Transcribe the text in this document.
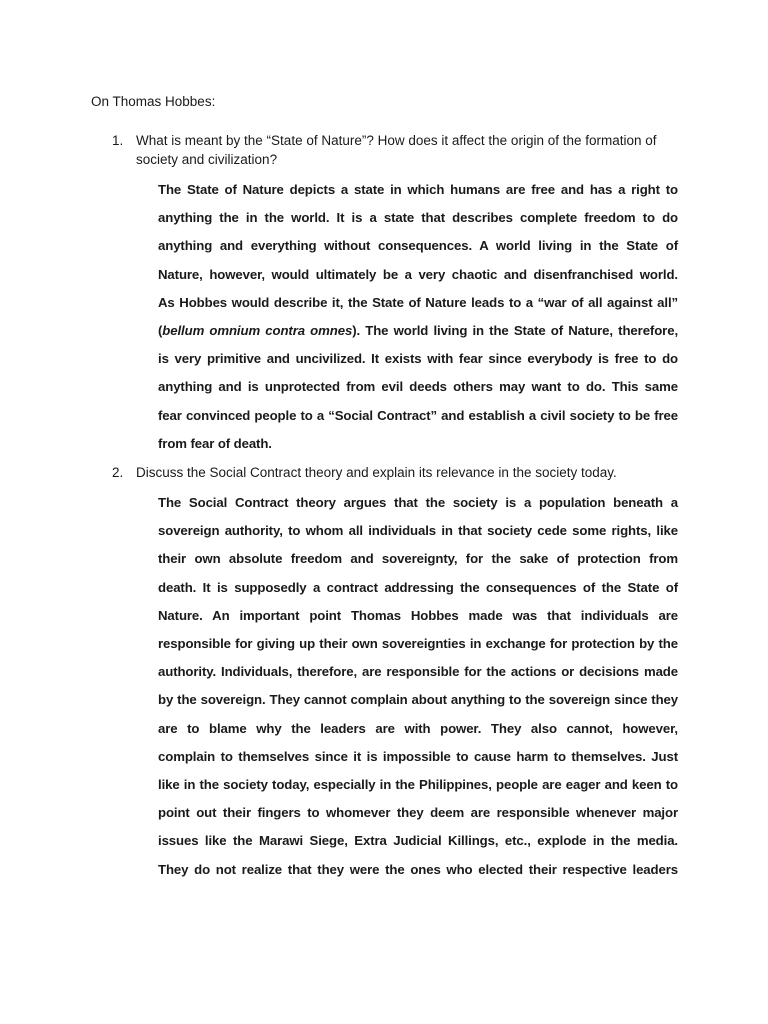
On Thomas Hobbes:
1. What is meant by the “State of Nature”? How does it affect the origin of the formation of society and civilization?
The State of Nature depicts a state in which humans are free and has a right to
anything the in the world. It is a state that describes complete freedom to do
anything and everything without consequences. A world living in the State of
Nature, however, would ultimately be a very chaotic and disenfranchised world.
As Hobbes would describe it, the State of Nature leads to a “war of all against all”
(bellum omnium contra omnes). The world living in the State of Nature, therefore,
is very primitive and uncivilized. It exists with fear since everybody is free to do
anything and is unprotected from evil deeds others may want to do. This same
fear convinced people to a “Social Contract” and establish a civil society to be free
from fear of death.
2. Discuss the Social Contract theory and explain its relevance in the society today.
The Social Contract theory argues that the society is a population beneath a
sovereign authority, to whom all individuals in that society cede some rights, like
their own absolute freedom and sovereignty, for the sake of protection from
death. It is supposedly a contract addressing the consequences of the State of
Nature. An important point Thomas Hobbes made was that individuals are
responsible for giving up their own sovereignties in exchange for protection by the
authority. Individuals, therefore, are responsible for the actions or decisions made
by the sovereign. They cannot complain about anything to the sovereign since they
are to blame why the leaders are with power. They also cannot, however,
complain to themselves since it is impossible to cause harm to themselves. Just
like in the society today, especially in the Philippines, people are eager and keen to
point out their fingers to whomever they deem are responsible whenever major
issues like the Marawi Siege, Extra Judicial Killings, etc., explode in the media.
They do not realize that they were the ones who elected their respective leaders
